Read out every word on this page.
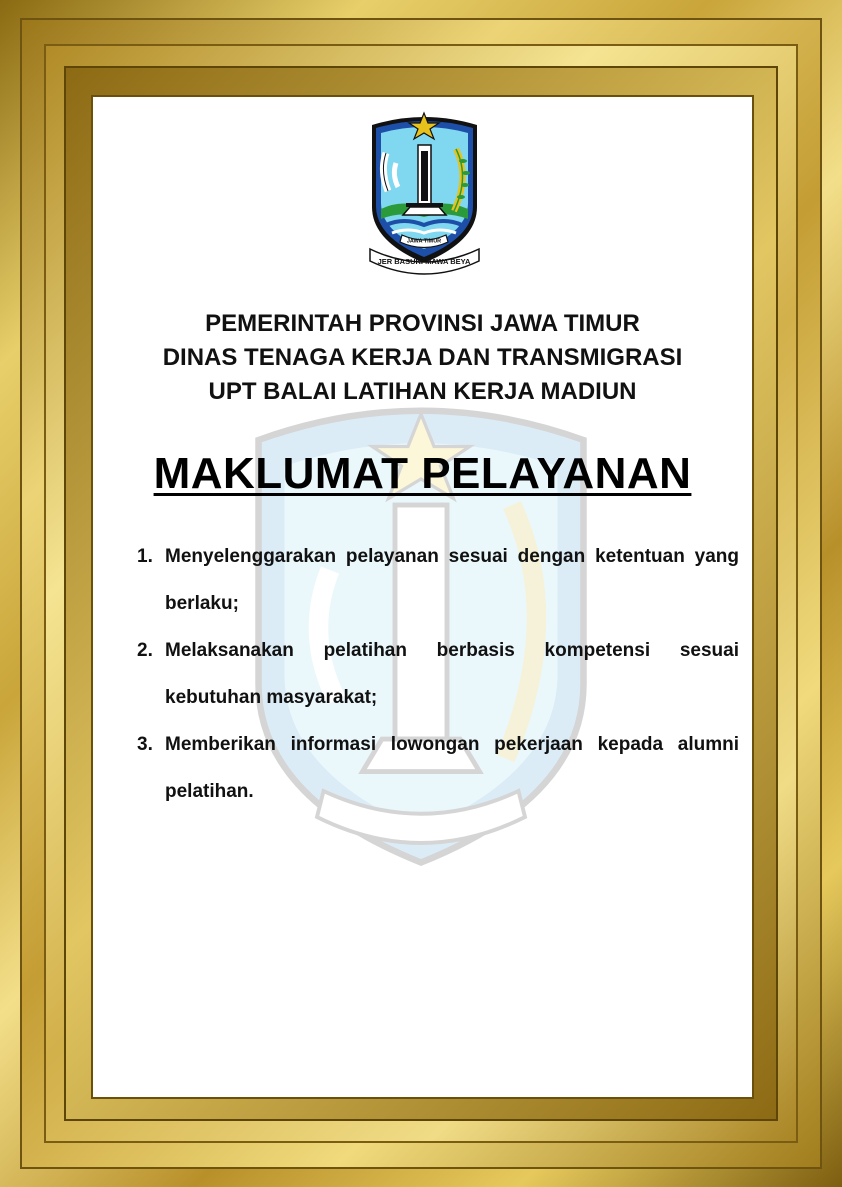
JAWA TIMUR
JER BASUKI MAWA BEYA
PEMERINTAH PROVINSI JAWA TIMUR
DINAS TENAGA KERJA DAN TRANSMIGRASI
UPT BALAI LATIHAN KERJA MADIUN
MAKLUMAT PELAYANAN
1. Menyelenggarakan pelayanan sesuai dengan ketentuan yang berlaku;
2. Melaksanakan pelatihan berbasis kompetensi sesuai kebutuhan masyarakat;
3. Memberikan informasi lowongan pekerjaan kepada alumni pelatihan.
